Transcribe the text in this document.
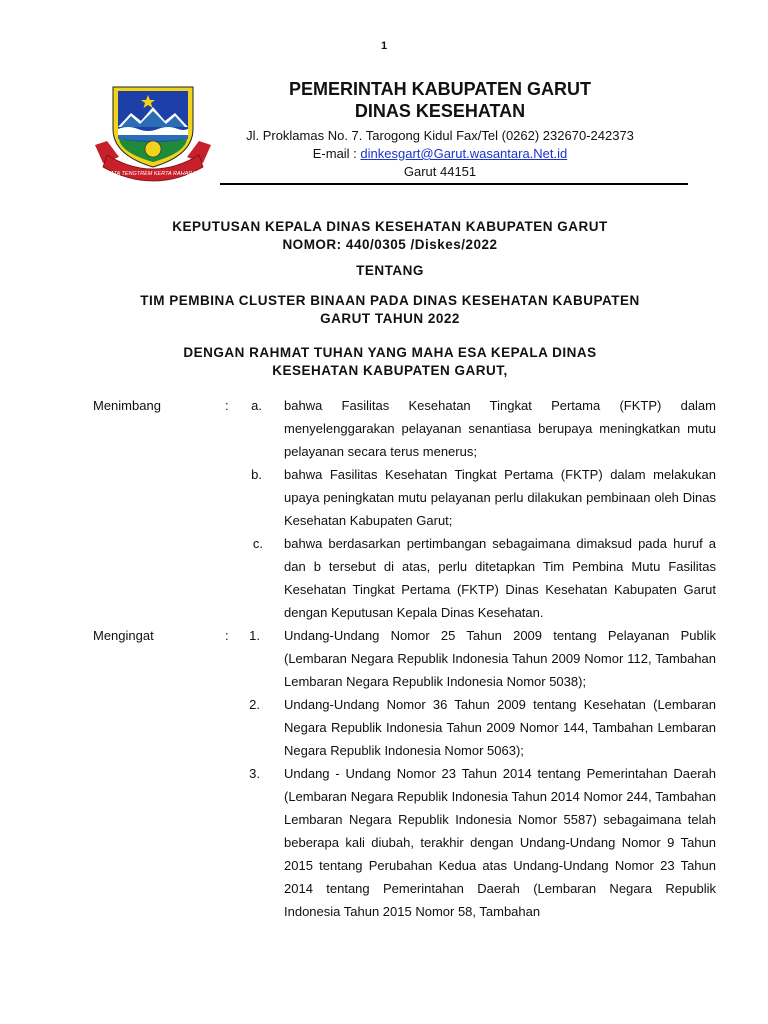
1
TATA TENGTREM KERTA RAHARJA
PEMERINTAH KABUPATEN GARUT
DINAS KESEHATAN
Jl. Proklamas No. 7. Tarogong Kidul Fax/Tel (0262) 232670-242373
E-mail : dinkesgart@Garut.wasantara.Net.id
Garut 44151
KEPUTUSAN KEPALA DINAS KESEHATAN KABUPATEN GARUT
NOMOR: 440/0305 /Diskes/2022
TENTANG
TIM PEMBINA CLUSTER BINAAN PADA DINAS KESEHATAN KABUPATEN
GARUT TAHUN 2022
DENGAN RAHMAT TUHAN YANG MAHA ESA KEPALA DINAS
KESEHATAN KABUPATEN GARUT,
Menimbang	:	a. bahwa Fasilitas Kesehatan Tingkat Pertama (FKTP) dalam menyelenggarakan pelayanan senantiasa berupaya meningkatkan mutu pelayanan secara terus menerus;
b. bahwa Fasilitas Kesehatan Tingkat Pertama (FKTP) dalam melakukan upaya peningkatan mutu pelayanan perlu dilakukan pembinaan oleh Dinas Kesehatan Kabupaten Garut;
c. bahwa berdasarkan pertimbangan sebagaimana dimaksud pada huruf a dan b tersebut di atas, perlu ditetapkan Tim Pembina Mutu Fasilitas Kesehatan Tingkat Pertama (FKTP) Dinas Kesehatan Kabupaten Garut dengan Keputusan Kepala Dinas Kesehatan.
Mengingat	:	1. Undang-Undang Nomor 25 Tahun 2009 tentang Pelayanan Publik (Lembaran Negara Republik Indonesia Tahun 2009 Nomor 112, Tambahan Lembaran Negara Republik Indonesia Nomor 5038);
2. Undang-Undang Nomor 36 Tahun 2009 tentang Kesehatan (Lembaran Negara Republik Indonesia Tahun 2009 Nomor 144, Tambahan Lembaran Negara Republik Indonesia Nomor 5063);
3. Undang - Undang Nomor 23 Tahun 2014 tentang Pemerintahan Daerah (Lembaran Negara Republik Indonesia Tahun 2014 Nomor 244, Tambahan Lembaran Negara Republik Indonesia Nomor 5587) sebagaimana telah beberapa kali diubah, terakhir dengan Undang-Undang Nomor 9 Tahun 2015 tentang Perubahan Kedua atas Undang-Undang Nomor 23 Tahun 2014 tentang Pemerintahan Daerah (Lembaran Negara Republik Indonesia Tahun 2015 Nomor 58, Tambahan
